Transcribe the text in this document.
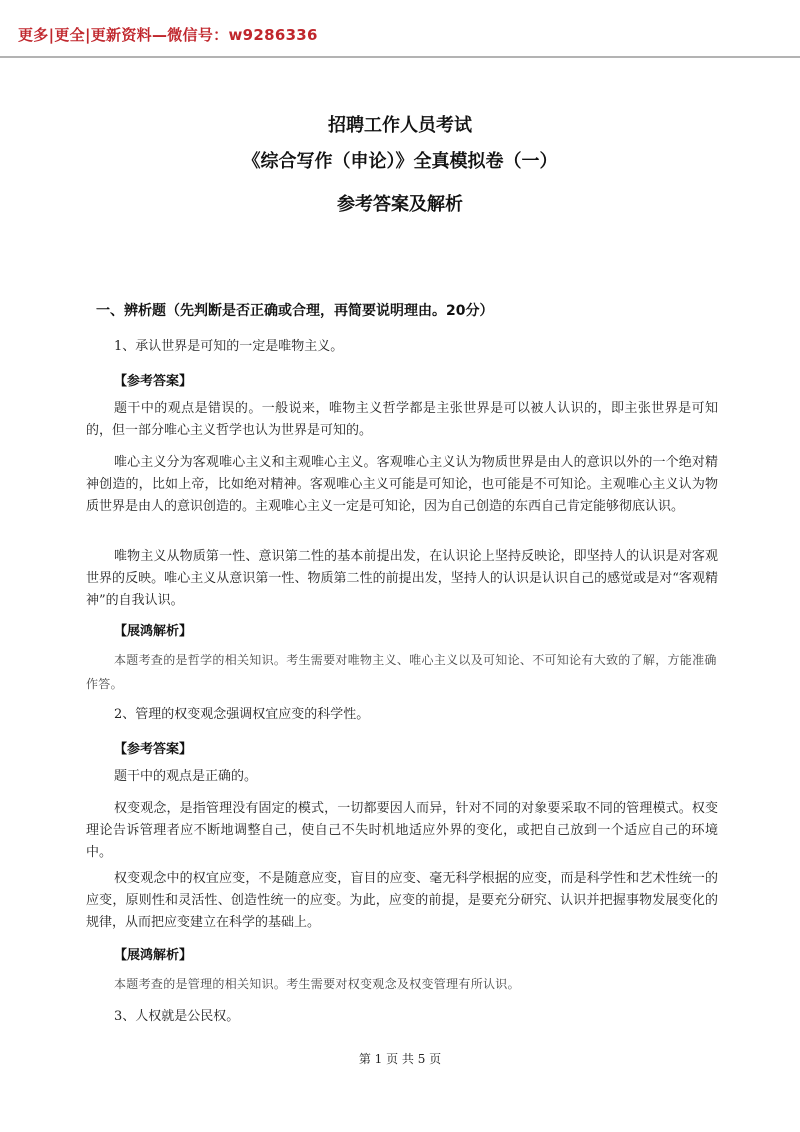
更多|更全|更新资料—微信号：w9286336
招聘工作人员考试
《综合写作（申论）》全真模拟卷（一）
参考答案及解析
一、辨析题（先判断是否正确或合理，再简要说明理由。20分）
1、承认世界是可知的一定是唯物主义。
【参考答案】

题干中的观点是错误的。一般说来，唯物主义哲学都是主张世界是可以被人认识的，即主张世界是可知的，但一部分唯心主义哲学也认为世界是可知的。

唯心主义分为客观唯心主义和主观唯心主义。客观唯心主义认为物质世界是由人的意识以外的一个绝对精神创造的，比如上帝，比如绝对精神。客观唯心主义可能是可知论，也可能是不可知论。主观唯心主义认为物质世界是由人的意识创造的。主观唯心主义一定是可知论，因为自己创造的东西自己肯定能够彻底认识。

唯物主义从物质第一性、意识第二性的基本前提出发，在认识论上坚持反映论，即坚持人的认识是对客观世界的反映。唯心主义从意识第一性、物质第二性的前提出发，坚持人的认识是认识自己的感觉或是对“客观精神”的自我认识。

【展鸿解析】

本题考查的是哲学的相关知识。考生需要对唯物主义、唯心主义以及可知论、不可知论有大致的了解，方能准确作答。

2、管理的权变观念强调权宜应变的科学性。
【参考答案】

题干中的观点是正确的。

权变观念，是指管理没有固定的模式，一切都要因人而异，针对不同的对象要采取不同的管理模式。权变理论告诉管理者应不断地调整自己，使自己不失时机地适应外界的变化，或把自己放到一个适应自己的环境中。

权变观念中的权宜应变，不是随意应变，盲目的应变、毫无科学根据的应变，而是科学性和艺术性统一的应变，原则性和灵活性、创造性统一的应变。为此，应变的前提，是要充分研究、认识并把握事物发展变化的规律，从而把应变建立在科学的基础上。

【展鸿解析】

本题考查的是管理的相关知识。考生需要对权变观念及权变管理有所认识。

3、人权就是公民权。
第 1 页 共 5 页
